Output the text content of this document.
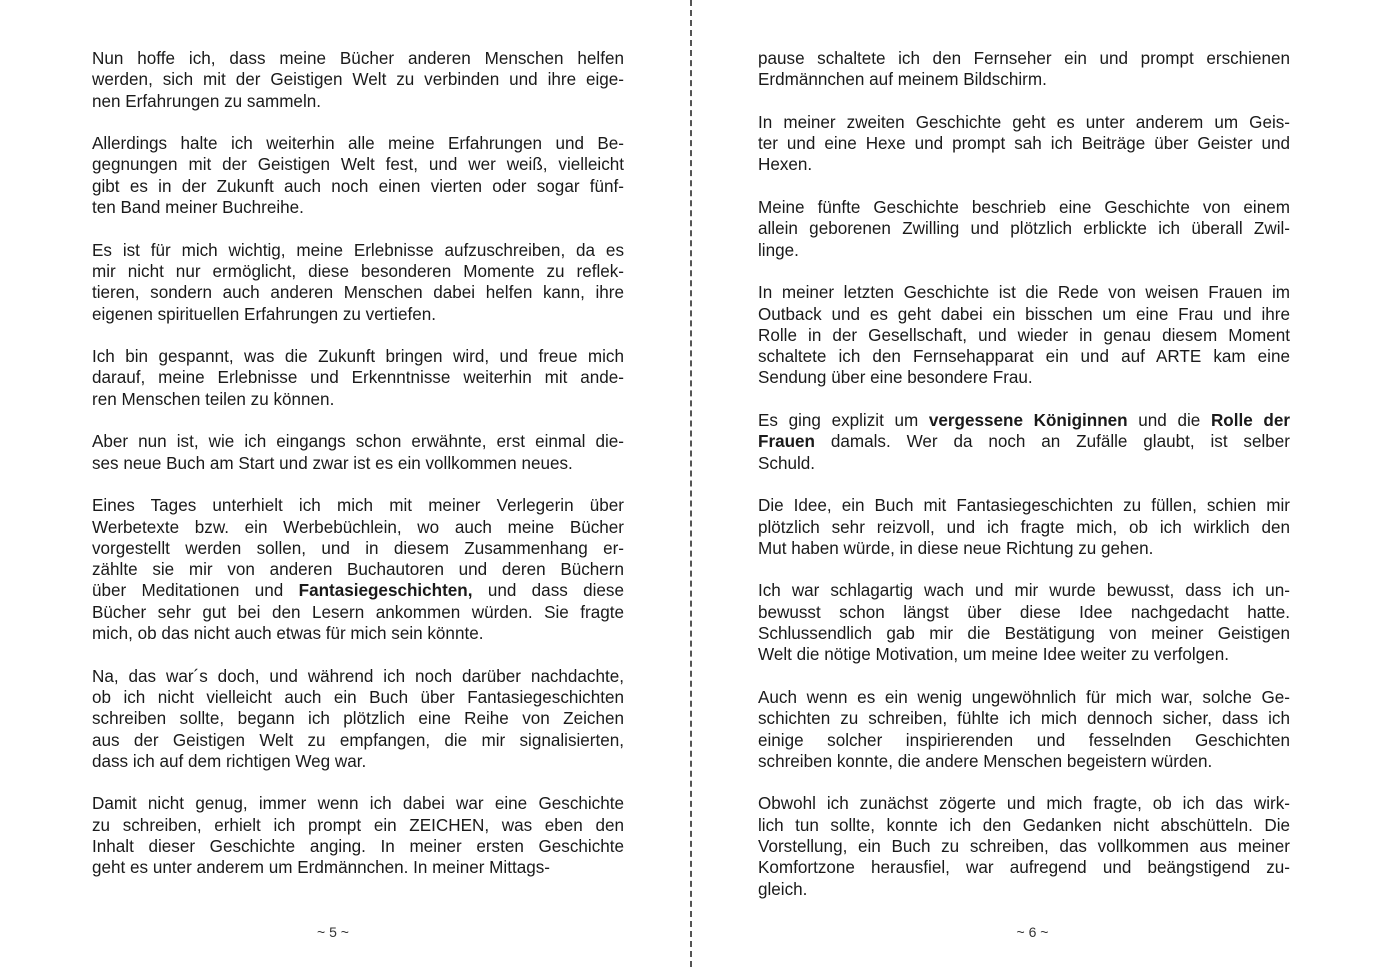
Nun hoffe ich, dass meine Bücher anderen Menschen helfen
werden, sich mit der Geistigen Welt zu verbinden und ihre eige-
nen Erfahrungen zu sammeln.
Allerdings halte ich weiterhin alle meine Erfahrungen und Be-
gegnungen mit der Geistigen Welt fest, und wer weiß, vielleicht
gibt es in der Zukunft auch noch einen vierten oder sogar fünf-
ten Band meiner Buchreihe.
Es ist für mich wichtig, meine Erlebnisse aufzuschreiben, da es
mir nicht nur ermöglicht, diese besonderen Momente zu reflek-
tieren, sondern auch anderen Menschen dabei helfen kann, ihre
eigenen spirituellen Erfahrungen zu vertiefen.
Ich bin gespannt, was die Zukunft bringen wird, und freue mich
darauf, meine Erlebnisse und Erkenntnisse weiterhin mit ande-
ren Menschen teilen zu können.
Aber nun ist, wie ich eingangs schon erwähnte, erst einmal die-
ses neue Buch am Start und zwar ist es ein vollkommen neues.
Eines Tages unterhielt ich mich mit meiner Verlegerin über
Werbetexte bzw. ein Werbebüchlein, wo auch meine Bücher
vorgestellt werden sollen, und in diesem Zusammenhang er-
zählte sie mir von anderen Buchautoren und deren Büchern
über Meditationen und Fantasiegeschichten, und dass diese
Bücher sehr gut bei den Lesern ankommen würden. Sie fragte
mich, ob das nicht auch etwas für mich sein könnte.
Na, das war´s doch, und während ich noch darüber nachdachte,
ob ich nicht vielleicht auch ein Buch über Fantasiegeschichten
schreiben sollte, begann ich plötzlich eine Reihe von Zeichen
aus der Geistigen Welt zu empfangen, die mir signalisierten,
dass ich auf dem richtigen Weg war.
Damit nicht genug, immer wenn ich dabei war eine Geschichte
zu schreiben, erhielt ich prompt ein ZEICHEN, was eben den
Inhalt dieser Geschichte anging. In meiner ersten Geschichte
geht es unter anderem um Erdmännchen. In meiner Mittags-
~ 5 ~
pause schaltete ich den Fernseher ein und prompt erschienen
Erdmännchen auf meinem Bildschirm.
In meiner zweiten Geschichte geht es unter anderem um Geis-
ter und eine Hexe und prompt sah ich Beiträge über Geister und
Hexen.
Meine fünfte Geschichte beschrieb eine Geschichte von einem
allein geborenen Zwilling und plötzlich erblickte ich überall Zwil-
linge.
In meiner letzten Geschichte ist die Rede von weisen Frauen im
Outback und es geht dabei ein bisschen um eine Frau und ihre
Rolle in der Gesellschaft, und wieder in genau diesem Moment
schaltete ich den Fernsehapparat ein und auf ARTE kam eine
Sendung über eine besondere Frau.
Es ging explizit um vergessene Königinnen und die Rolle der
Frauen damals. Wer da noch an Zufälle glaubt, ist selber
Schuld.
Die Idee, ein Buch mit Fantasiegeschichten zu füllen, schien mir
plötzlich sehr reizvoll, und ich fragte mich, ob ich wirklich den
Mut haben würde, in diese neue Richtung zu gehen.
Ich war schlagartig wach und mir wurde bewusst, dass ich un-
bewusst schon längst über diese Idee nachgedacht hatte.
Schlussendlich gab mir die Bestätigung von meiner Geistigen
Welt die nötige Motivation, um meine Idee weiter zu verfolgen.
Auch wenn es ein wenig ungewöhnlich für mich war, solche Ge-
schichten zu schreiben, fühlte ich mich dennoch sicher, dass ich
einige solcher inspirierenden und fesselnden Geschichten
schreiben konnte, die andere Menschen begeistern würden.
Obwohl ich zunächst zögerte und mich fragte, ob ich das wirk-
lich tun sollte, konnte ich den Gedanken nicht abschütteln. Die
Vorstellung, ein Buch zu schreiben, das vollkommen aus meiner
Komfortzone herausfiel, war aufregend und beängstigend zu-
gleich.
~ 6 ~
